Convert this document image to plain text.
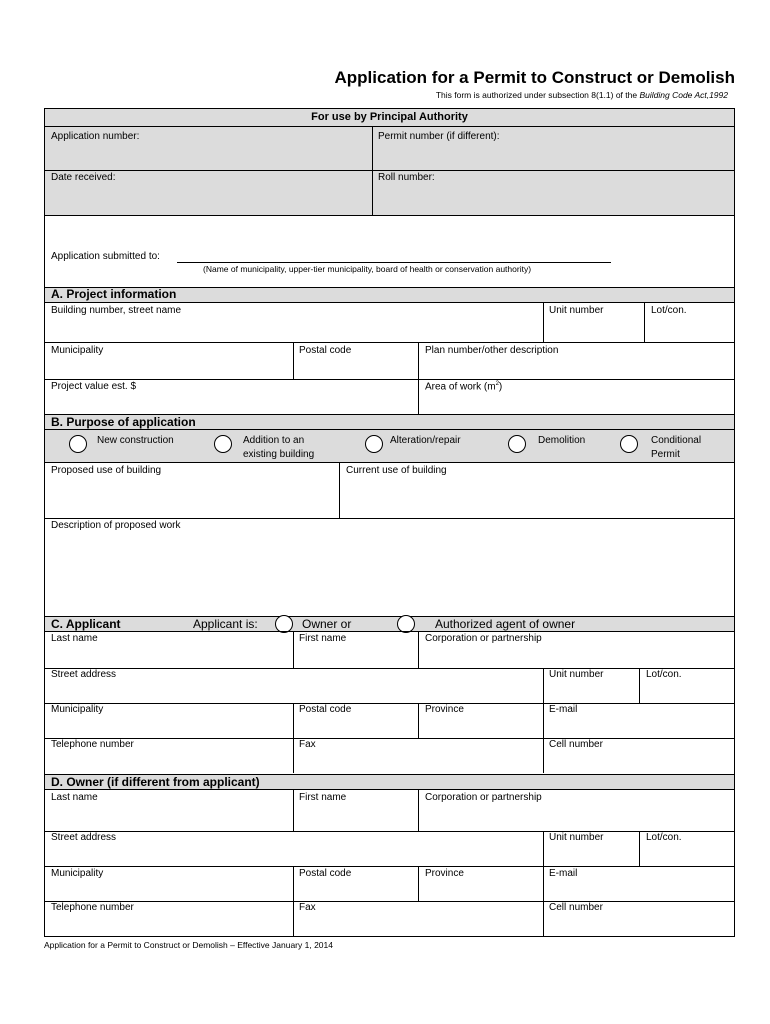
Application for a Permit to Construct or Demolish
This form is authorized under subsection 8(1.1) of the Building Code Act,1992
For use by Principal Authority
Application number:	Permit number (if different):
Date received:	Roll number:
Application submitted to:
(Name of municipality, upper-tier municipality, board of health or conservation authority)
A. Project information
Building number, street name	Unit number	Lot/con.
Municipality	Postal code	Plan number/other description
Project value est. $	Area of work $(m^2)$
B. Purpose of application
New construction	Addition to an
existing building
Alteration/repair	Demolition	Conditional
Permit
Proposed use of building	Current use of building
Description of proposed work
C. Applicant	Applicant is:	Owner or	Authorized agent of owner
Last name	First name	Corporation or partnership
Street address	Unit number	Lot/con.
Municipality	Postal code	Province	E-mail
Telephone number	Fax	Cell number
D. Owner (if different from applicant)
Last name	First name	Corporation or partnership
Street address	Unit number	Lot/con.
Municipality	Postal code	Province	E-mail
Telephone number	Fax	Cell number
Application for a Permit to Construct or Demolish – Effective January 1, 2014
